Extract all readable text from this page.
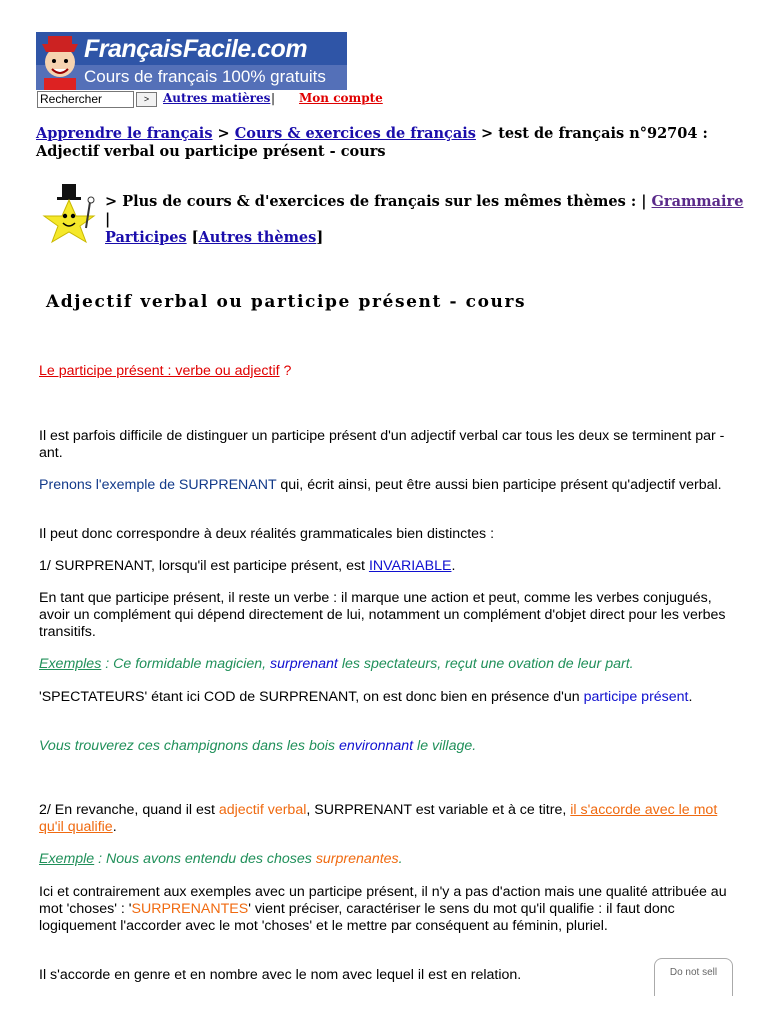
Cours de français 100% gratuits
FrançaisFacile.com
Rechercher	>	Autres matières | Mon compte
Apprendre le français > Cours & exercices de français > test de français n°92704 : Adjectif verbal ou participe présent - cours
> Plus de cours & d'exercices de français sur les mêmes thèmes : | Grammaire |
Participes [Autres thèmes]
Adjectif verbal ou participe présent - cours
Le participe présent : verbe ou adjectif ?
Il est parfois difficile de distinguer un participe présent d'un adjectif verbal car tous les deux se terminent par -ant.
Prenons l'exemple de SURPRENANT qui, écrit ainsi, peut être aussi bien participe présent qu'adjectif verbal.
Il peut donc correspondre à deux réalités grammaticales bien distinctes :
1/ SURPRENANT, lorsqu'il est participe présent, est INVARIABLE.
En tant que participe présent, il reste un verbe : il marque une action et peut, comme les verbes conjugués, avoir un complément qui dépend directement de lui, notamment un complément d'objet direct pour les verbes transitifs.
Exemples : Ce formidable magicien, surprenant les spectateurs, reçut une ovation de leur part.
'SPECTATEURS' étant ici COD de SURPRENANT, on est donc bien en présence d'un participe présent.
Vous trouverez ces champignons dans les bois environnant le village.
2/ En revanche, quand il est adjectif verbal, SURPRENANT est variable et à ce titre, il s'accorde avec le mot qu'il qualifie.
Exemple : Nous avons entendu des choses surprenantes.
Ici et contrairement aux exemples avec un participe présent, il n'y a pas d'action mais une qualité attribuée au mot 'choses' : 'SURPRENANTES' vient préciser, caractériser le sens du mot qu'il qualifie : il faut donc logiquement l'accorder avec le mot 'choses' et le mettre par conséquent au féminin, pluriel.
Il s'accorde en genre et en nombre avec le nom avec lequel il est en relation.	Do not sell
